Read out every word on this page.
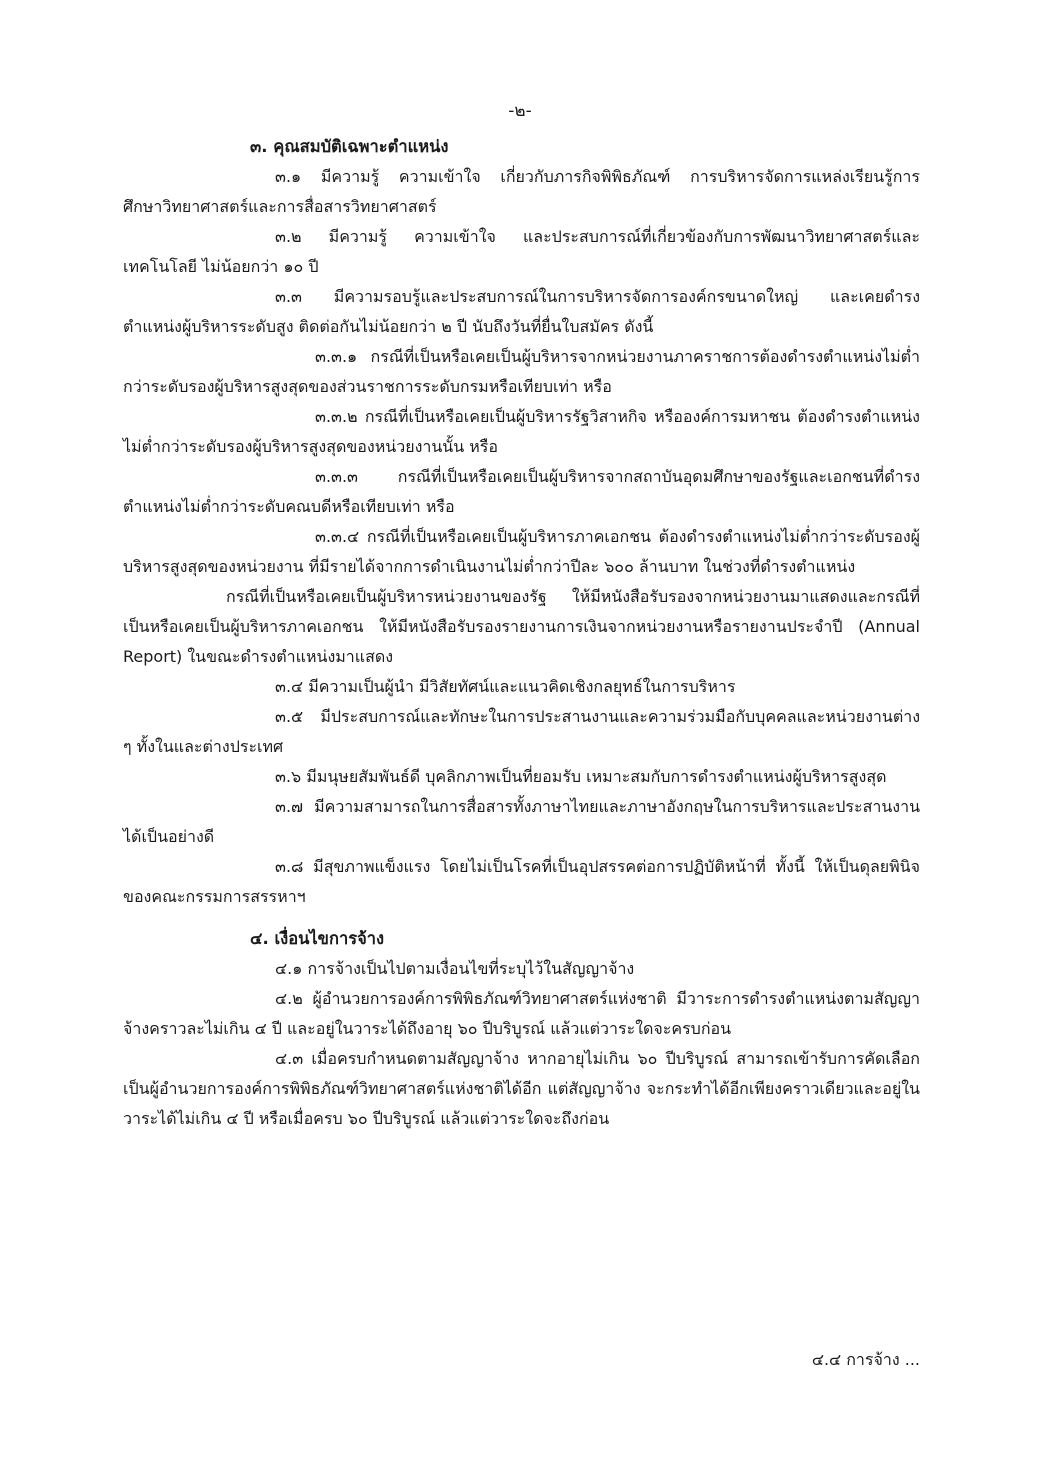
-๒-

๓. คุณสมบัติเฉพาะตำแหน่ง

๓.๑ มีความรู้ ความเข้าใจ เกี่ยวกับภารกิจพิพิธภัณฑ์ การบริหารจัดการแหล่งเรียนรู้การศึกษาวิทยาศาสตร์และการสื่อสารวิทยาศาสตร์

๓.๒ มีความรู้ ความเข้าใจ และประสบการณ์ที่เกี่ยวข้องกับการพัฒนาวิทยาศาสตร์และเทคโนโลยี ไม่น้อยกว่า ๑๐ ปี

๓.๓ มีความรอบรู้และประสบการณ์ในการบริหารจัดการองค์กรขนาดใหญ่ และเคยดำรงตำแหน่งผู้บริหารระดับสูง ติดต่อกันไม่น้อยกว่า ๒ ปี นับถึงวันที่ยื่นใบสมัคร ดังนี้

๓.๓.๑ กรณีที่เป็นหรือเคยเป็นผู้บริหารจากหน่วยงานภาคราชการต้องดำรงตำแหน่งไม่ต่ำกว่าระดับรองผู้บริหารสูงสุดของส่วนราชการระดับกรมหรือเทียบเท่า หรือ

๓.๓.๒ กรณีที่เป็นหรือเคยเป็นผู้บริหารรัฐวิสาหกิจ หรือองค์การมหาชน ต้องดำรงตำแหน่งไม่ต่ำกว่าระดับรองผู้บริหารสูงสุดของหน่วยงานนั้น หรือ

๓.๓.๓ กรณีที่เป็นหรือเคยเป็นผู้บริหารจากสถาบันอุดมศึกษาของรัฐและเอกชนที่ดำรงตำแหน่งไม่ต่ำกว่าระดับคณบดีหรือเทียบเท่า หรือ

๓.๓.๔ กรณีที่เป็นหรือเคยเป็นผู้บริหารภาคเอกชน ต้องดำรงตำแหน่งไม่ต่ำกว่าระดับรองผู้บริหารสูงสุดของหน่วยงาน ที่มีรายได้จากการดำเนินงานไม่ต่ำกว่าปีละ ๖๐๐ ล้านบาท ในช่วงที่ดำรงตำแหน่ง

กรณีที่เป็นหรือเคยเป็นผู้บริหารหน่วยงานของรัฐ ให้มีหนังสือรับรองจากหน่วยงานมาแสดงและกรณีที่เป็นหรือเคยเป็นผู้บริหารภาคเอกชน ให้มีหนังสือรับรองรายงานการเงินจากหน่วยงานหรือรายงานประจำปี (Annual Report) ในขณะดำรงตำแหน่งมาแสดง

๓.๔ มีความเป็นผู้นำ มีวิสัยทัศน์และแนวคิดเชิงกลยุทธ์ในการบริหาร

๓.๕ มีประสบการณ์และทักษะในการประสานงานและความร่วมมือกับบุคคลและหน่วยงานต่าง ๆ ทั้งในและต่างประเทศ

๓.๖ มีมนุษยสัมพันธ์ดี บุคลิกภาพเป็นที่ยอมรับ เหมาะสมกับการดำรงตำแหน่งผู้บริหารสูงสุด

๓.๗ มีความสามารถในการสื่อสารทั้งภาษาไทยและภาษาอังกฤษในการบริหารและประสานงานได้เป็นอย่างดี

๓.๘ มีสุขภาพแข็งแรง โดยไม่เป็นโรคที่เป็นอุปสรรคต่อการปฏิบัติหน้าที่ ทั้งนี้ ให้เป็นดุลยพินิจของคณะกรรมการสรรหาฯ

๔. เงื่อนไขการจ้าง

๔.๑ การจ้างเป็นไปตามเงื่อนไขที่ระบุไว้ในสัญญาจ้าง

๔.๒ ผู้อำนวยการองค์การพิพิธภัณฑ์วิทยาศาสตร์แห่งชาติ มีวาระการดำรงตำแหน่งตามสัญญาจ้างคราวละไม่เกิน ๔ ปี และอยู่ในวาระได้ถึงอายุ ๖๐ ปีบริบูรณ์ แล้วแต่วาระใดจะครบก่อน

๔.๓ เมื่อครบกำหนดตามสัญญาจ้าง หากอายุไม่เกิน ๖๐ ปีบริบูรณ์ สามารถเข้ารับการคัดเลือกเป็นผู้อำนวยการองค์การพิพิธภัณฑ์วิทยาศาสตร์แห่งชาติได้อีก แต่สัญญาจ้าง จะกระทำได้อีกเพียงคราวเดียวและอยู่ในวาระได้ไม่เกิน ๔ ปี หรือเมื่อครบ ๖๐ ปีบริบูรณ์ แล้วแต่วาระใดจะถึงก่อน

๔.๔ การจ้าง ...
